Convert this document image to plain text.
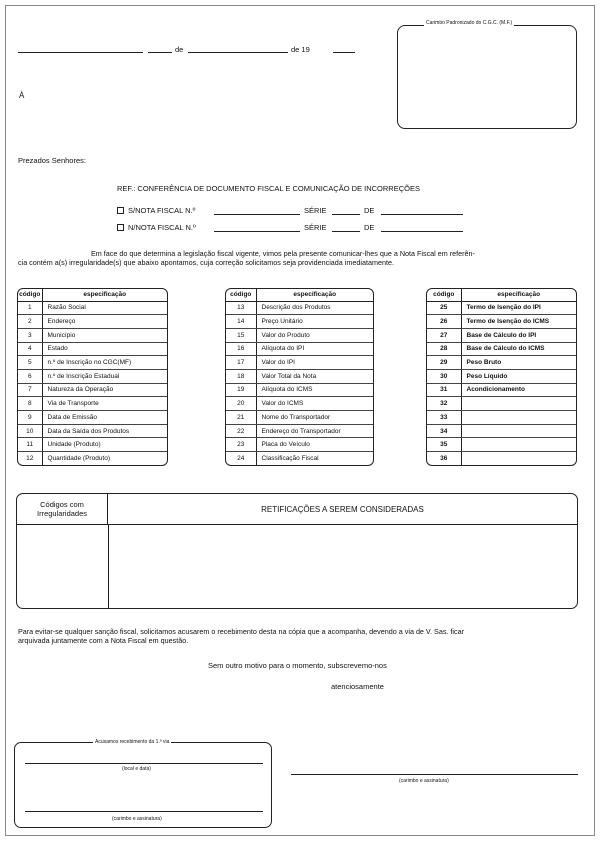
de	de 19
À
Carimbo Padronizado do C.G.C. (M.F.)
Prezados Senhores:
REF.: CONFERÊNCIA DE DOCUMENTO FISCAL E COMUNICAÇÃO DE INCORREÇÕES
S/NOTA FISCAL N.º	SÉRIE	DE
N/NOTA FISCAL N.º	SÉRIE	DE
Em face do que determina a legislação fiscal vigente, vimos pela presente comunicar-lhes que a Nota Fiscal em referên-
cia contém a(s) irregularidade(s) que abaixo apontamos, cuja correção solicitamos seja providenciada imediatamente.
código	especificação
1	Razão Social
2	Endereço
3	Município
4	Estado
5	n.º de Inscrição no CGC(MF)
6	n.º de Inscrição Estadual
7	Natureza da Operação
8	Via de Transporte
9	Data de Emissão
10	Data da Saída dos Produtos
11	Unidade (Produto)
12	Quantidade (Produto)
código	especificação
13	Descrição dos Produtos
14	Preço Unitário
15	Valor do Produto
16	Alíquota do IPI
17	Valor do IPI
18	Valor Total da Nota
19	Alíquota do ICMS
20	Valor do ICMS
21	Nome do Transportador
22	Endereço do Transportador
23	Placa do Veículo
24	Classificação Fiscal
código	especificação
25	Termo de Isenção do IPI
26	Termo de Isenção do ICMS
27	Base de Cálculo do IPI
28	Base de Cálculo do ICMS
29	Peso Bruto
30	Peso Líquido
31	Acondicionamento
32	
33	
34	
35	
36	
Códigos com
Irregularidades	RETIFICAÇÕES A SEREM CONSIDERADAS
Para evitar-se qualquer sanção fiscal, solicitamos acusarem o recebimento desta na cópia que a acompanha, devendo a via de V. Sas. ficar
arquivada juntamente com a Nota Fiscal em questão.
Sem outro motivo para o momento, subscrevemo-nos
atenciosamente
Acusamos recebimento da 1.ª via
(local e data)
(carimbo e assinatura)
(carimbo e assinatura)
